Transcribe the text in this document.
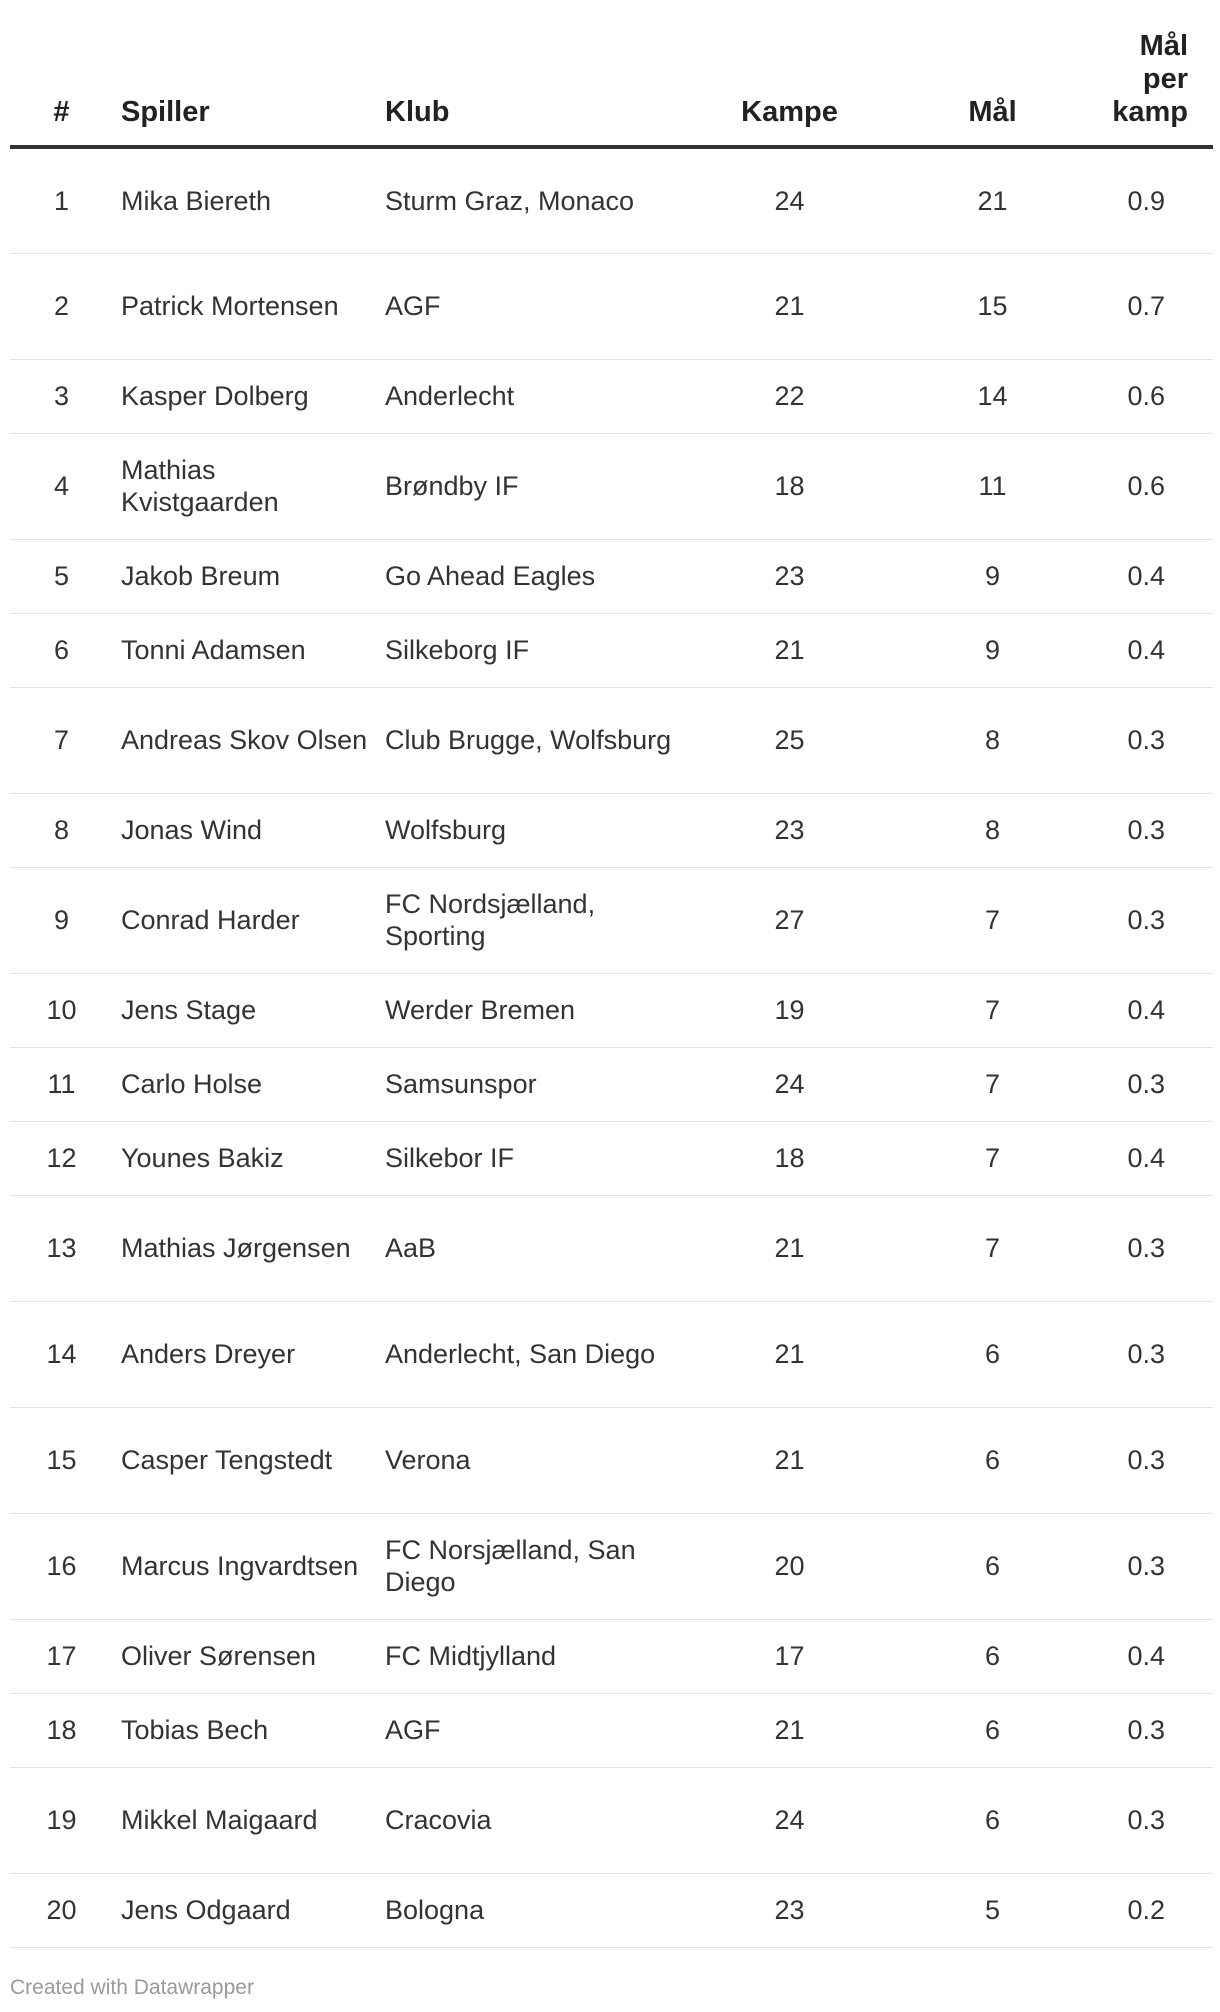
#	Spiller	Klub	Kampe	Mål	Mål per
kamp
1	Mika Biereth	Sturm Graz, Monaco	24	21	0.9
2	Patrick Mortensen	AGF	21	15	0.7
3	Kasper Dolberg	Anderlecht	22	14	0.6
4	Mathias Kvistgaarden	Brøndby IF	18	11	0.6
5	Jakob Breum	Go Ahead Eagles	23	9	0.4
6	Tonni Adamsen	Silkeborg IF	21	9	0.4
7	Andreas Skov Olsen	Club Brugge, Wolfsburg	25	8	0.3
8	Jonas Wind	Wolfsburg	23	8	0.3
9	Conrad Harder	FC Nordsjælland, Sporting	27	7	0.3
10	Jens Stage	Werder Bremen	19	7	0.4
11	Carlo Holse	Samsunspor	24	7	0.3
12	Younes Bakiz	Silkebor IF	18	7	0.4
13	Mathias Jørgensen	AaB	21	7	0.3
14	Anders Dreyer	Anderlecht, San Diego	21	6	0.3
15	Casper Tengstedt	Verona	21	6	0.3
16	Marcus Ingvardtsen	FC Norsjælland, San Diego	20	6	0.3
17	Oliver Sørensen	FC Midtjylland	17	6	0.4
18	Tobias Bech	AGF	21	6	0.3
19	Mikkel Maigaard	Cracovia	24	6	0.3
20	Jens Odgaard	Bologna	23	5	0.2
Created with Datawrapper
